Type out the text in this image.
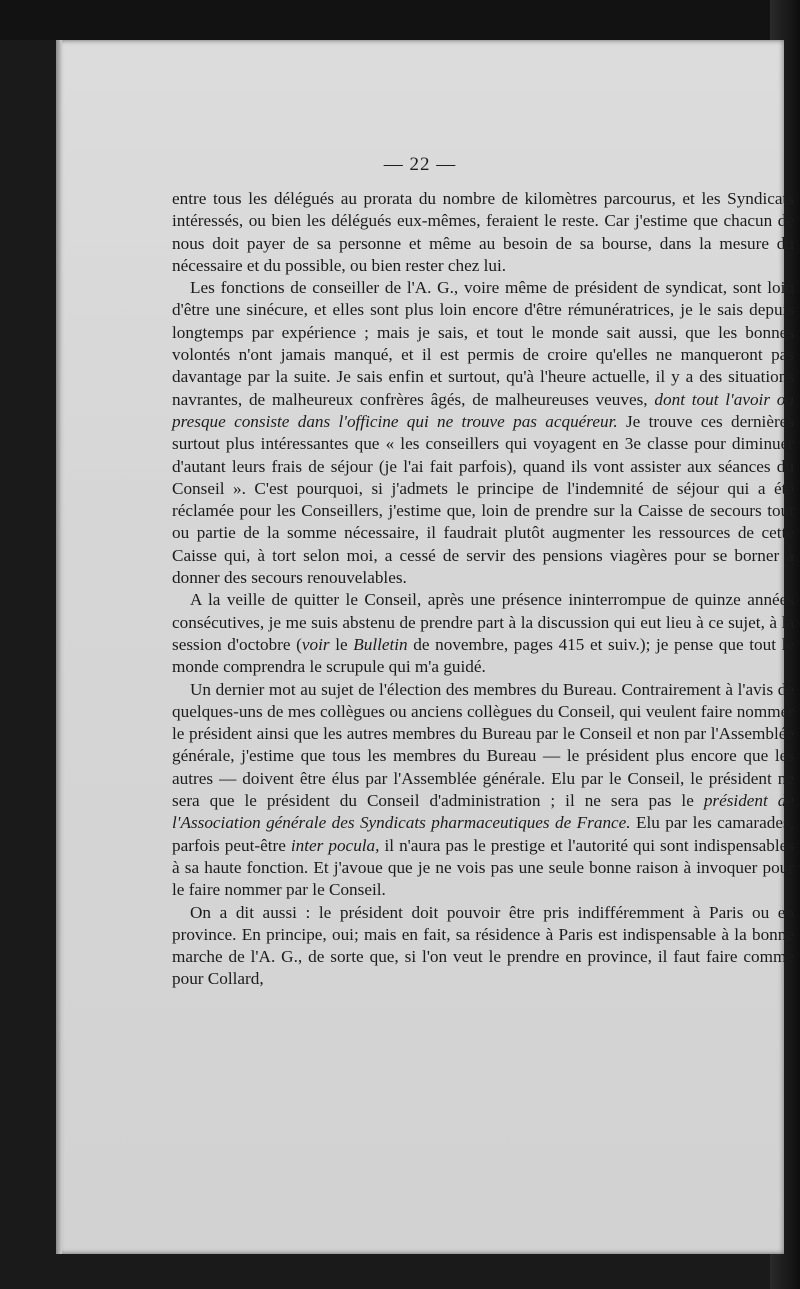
— 22 —

entre tous les délégués au prorata du nombre de kilomètres parcourus, et les Syndicats intéressés, ou bien les délégués eux-mêmes, feraient le reste. Car j'estime que chacun de nous doit payer de sa personne et même au besoin de sa bourse, dans la mesure du nécessaire et du possible, ou bien rester chez lui.

Les fonctions de conseiller de l'A. G., voire même de président de syndicat, sont loin d'être une sinécure, et elles sont plus loin encore d'être rémunératrices, je le sais depuis longtemps par expérience ; mais je sais, et tout le monde sait aussi, que les bonnes volontés n'ont jamais manqué, et il est permis de croire qu'elles ne manqueront pas davantage par la suite. Je sais enfin et surtout, qu'à l'heure actuelle, il y a des situations navrantes, de malheureux confrères âgés, de malheureuses veuves, dont tout l'avoir ou presque consiste dans l'officine qui ne trouve pas acquéreur. Je trouve ces dernières surtout plus intéressantes que « les conseillers qui voyagent en 3e classe pour diminuer d'autant leurs frais de séjour (je l'ai fait parfois), quand ils vont assister aux séances du Conseil ». C'est pourquoi, si j'admets le principe de l'indemnité de séjour qui a été réclamée pour les Conseillers, j'estime que, loin de prendre sur la Caisse de secours tout ou partie de la somme nécessaire, il faudrait plutôt augmenter les ressources de cette Caisse qui, à tort selon moi, a cessé de servir des pensions viagères pour se borner à donner des secours renouvelables.

A la veille de quitter le Conseil, après une présence ininterrompue de quinze années consécutives, je me suis abstenu de prendre part à la discussion qui eut lieu à ce sujet, à la session d'octobre (voir le Bulletin de novembre, pages 415 et suiv.); je pense que tout le monde comprendra le scrupule qui m'a guidé.

Un dernier mot au sujet de l'élection des membres du Bureau. Contrairement à l'avis de quelques-uns de mes collègues ou anciens collègues du Conseil, qui veulent faire nommer le président ainsi que les autres membres du Bureau par le Conseil et non par l'Assemblée générale, j'estime que tous les membres du Bureau — le président plus encore que les autres — doivent être élus par l'Assemblée générale. Elu par le Conseil, le président ne sera que le président du Conseil d'administration ; il ne sera pas le président de l'Association générale des Syndicats pharmaceutiques de France. Elu par les camarades, parfois peut-être inter pocula, il n'aura pas le prestige et l'autorité qui sont indispensables à sa haute fonction. Et j'avoue que je ne vois pas une seule bonne raison à invoquer pour le faire nommer par le Conseil.

On a dit aussi : le président doit pouvoir être pris indifféremment à Paris ou en province. En principe, oui; mais en fait, sa résidence à Paris est indispensable à la bonne marche de l'A. G., de sorte que, si l'on veut le prendre en province, il faut faire comme pour Collard,
